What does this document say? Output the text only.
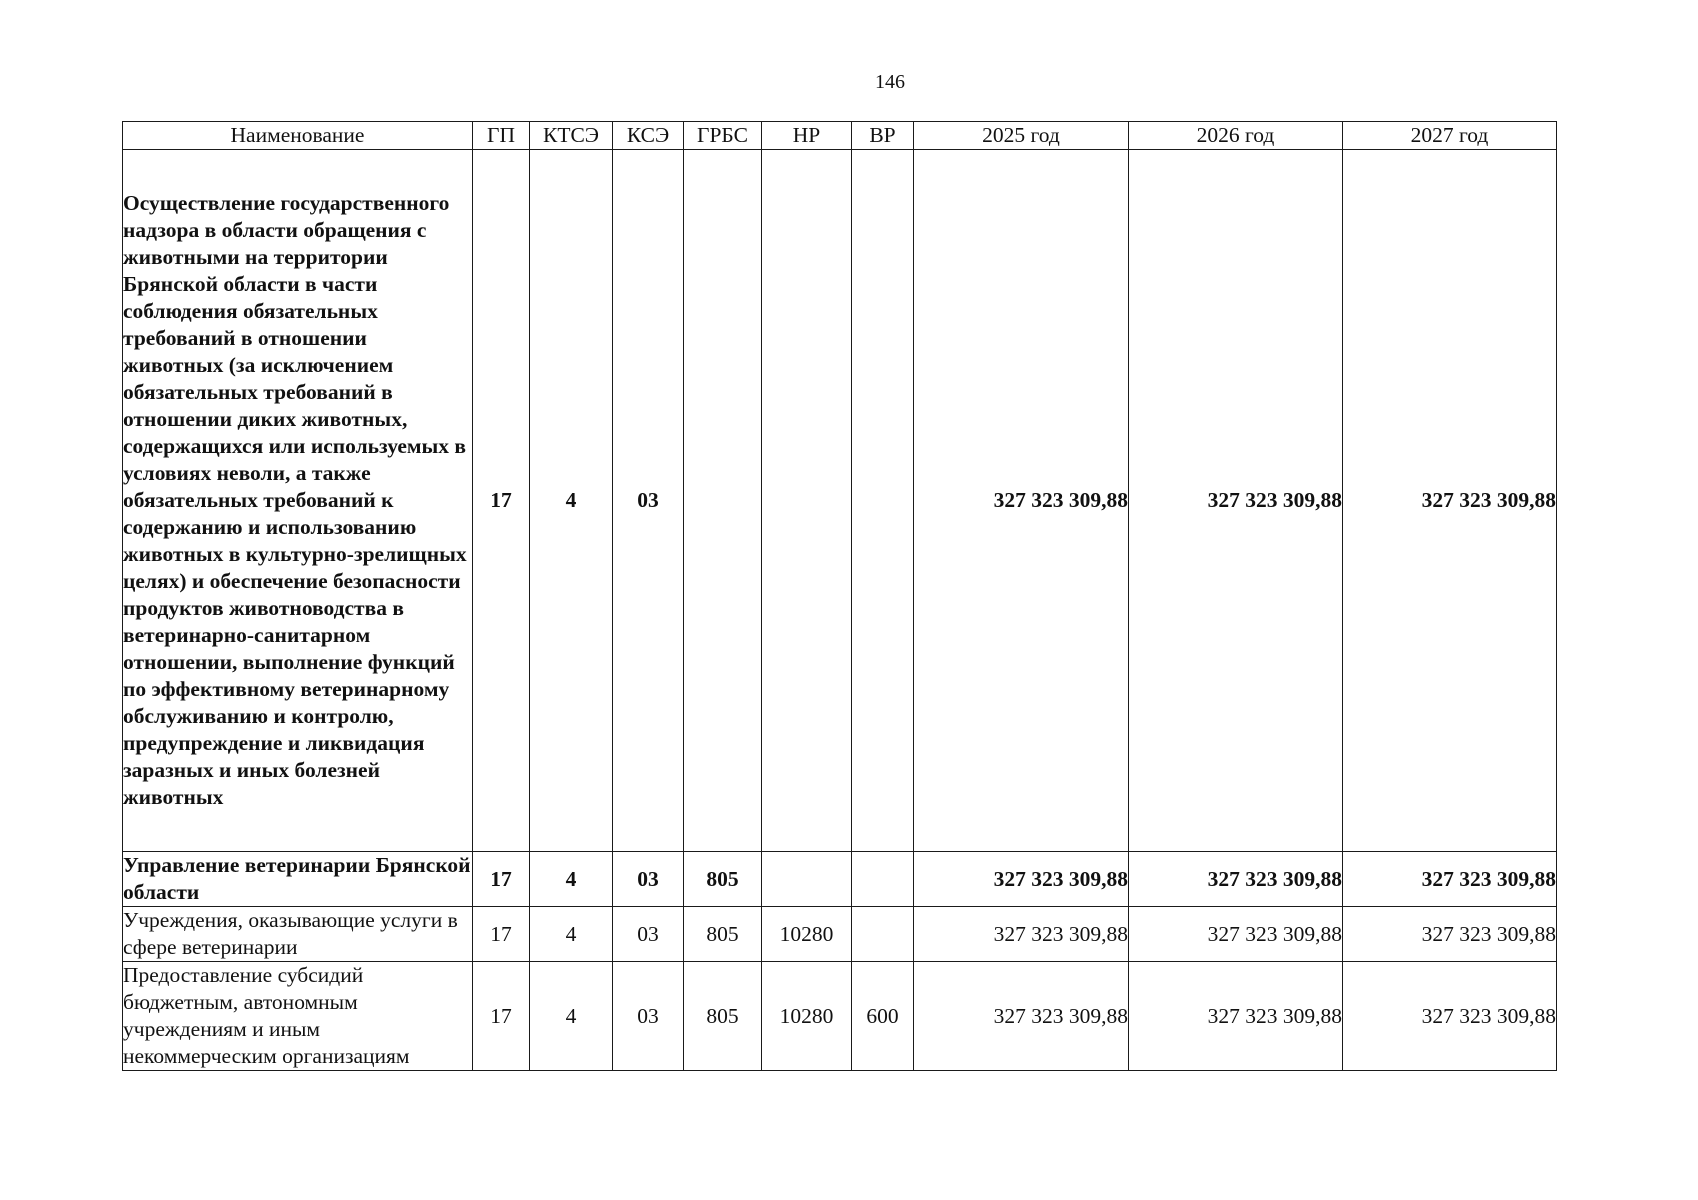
146
Наименование	ГП	КТСЭ	КСЭ	ГРБС	НР	ВР	2025 год	2026 год	2027 год
Осуществление государственного надзора в области обращения с животными на территории Брянской области в части соблюдения обязательных требований в отношении животных (за исключением обязательных требований в отношении диких животных, содержащихся или используемых в условиях неволи, а также обязательных требований к содержанию и использованию животных в культурно-зрелищных целях) и обеспечение безопасности продуктов животноводства в ветеринарно-санитарном отношении, выполнение функций по эффективному ветеринарному обслуживанию и контролю, предупреждение и ликвидация заразных и иных болезней животных	17	4	03				327 323 309,88	327 323 309,88	327 323 309,88
Управление ветеринарии Брянской области	17	4	03	805			327 323 309,88	327 323 309,88	327 323 309,88
Учреждения, оказывающие услуги в сфере ветеринарии	17	4	03	805	10280		327 323 309,88	327 323 309,88	327 323 309,88
Предоставление субсидий бюджетным, автономным учреждениям и иным некоммерческим организациям	17	4	03	805	10280	600	327 323 309,88	327 323 309,88	327 323 309,88
